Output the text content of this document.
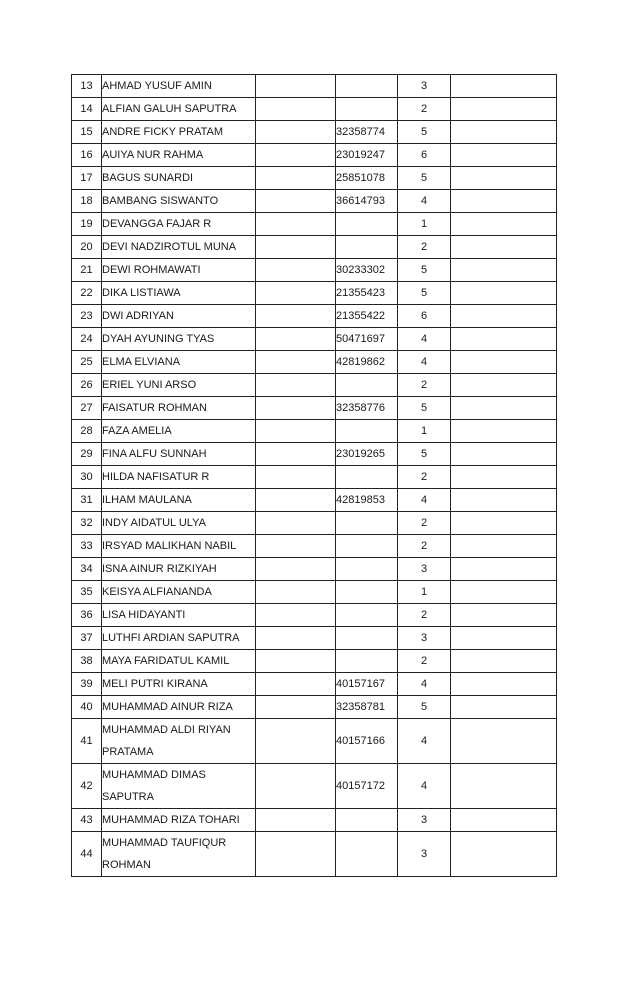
13	AHMAD YUSUF AMIN			3	
14	ALFIAN GALUH SAPUTRA			2	
15	ANDRE FICKY PRATAM		32358774	5	
16	AUIYA NUR RAHMA		23019247	6	
17	BAGUS SUNARDI		25851078	5	
18	BAMBANG SISWANTO		36614793	4	
19	DEVANGGA FAJAR R			1	
20	DEVI NADZIROTUL MUNA			2	
21	DEWI ROHMAWATI		30233302	5	
22	DIKA LISTIAWA		21355423	5	
23	DWI ADRIYAN		21355422	6	
24	DYAH AYUNING TYAS		50471697	4	
25	ELMA ELVIANA		42819862	4	
26	ERIEL YUNI ARSO			2	
27	FAISATUR ROHMAN		32358776	5	
28	FAZA AMELIA			1	
29	FINA ALFU SUNNAH		23019265	5	
30	HILDA NAFISATUR R			2	
31	ILHAM MAULANA		42819853	4	
32	INDY AIDATUL ULYA			2	
33	IRSYAD MALIKHAN NABIL			2	
34	ISNA AINUR RIZKIYAH			3	
35	KEISYA ALFIANANDA			1	
36	LISA HIDAYANTI			2	
37	LUTHFI ARDIAN SAPUTRA			3	
38	MAYA FARIDATUL KAMIL			2	
39	MELI PUTRI KIRANA		40157167	4	
40	MUHAMMAD AINUR RIZA		32358781	5	
41	MUHAMMAD ALDI RIYAN
PRATAMA		40157166	4	
42	MUHAMMAD DIMAS
SAPUTRA		40157172	4	
43	MUHAMMAD RIZA TOHARI			3	
44	MUHAMMAD TAUFIQUR
ROHMAN			3	
